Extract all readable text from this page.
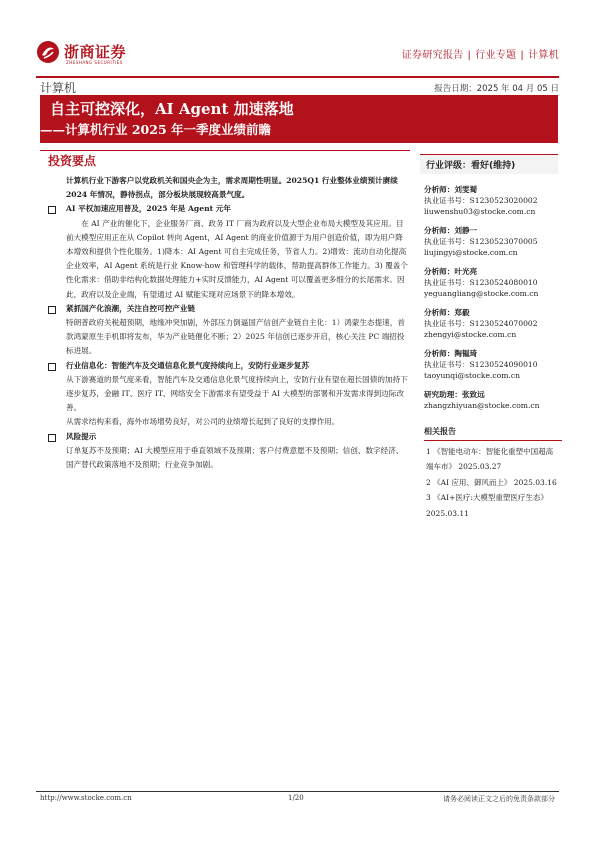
浙商证券
ZHESHANG SECURITIES
证券研究报告 | 行业专题 | 计算机
计算机	报告日期：2025 年 04 月 05 日
自主可控深化，AI Agent 加速落地
——计算机行业 2025 年一季度业绩前瞻
投资要点

计算机行业下游客户以党政机关和国央企为主，需求周期性明显。2025Q1 行业整体业绩预计赓续 2024 年情况，静待拐点，部分板块展现较高景气度。

AI 平权加速应用普及，2025 年是 Agent 元年

在 AI 产业的催化下，企业服务厂商、政务 IT 厂商为政府以及大型企业布局大模型及其应用。目前大模型应用正在从 Copilot 转向 Agent，AI Agent 的商业价值源于为用户创造价值，即为用户降本增效和提供个性化服务。1)降本：AI Agent 可自主完成任务，节省人力。2)增效：流动自动化提高企业效率，AI Agent 系统是行业 Know-how 和管理科学的载体，帮助提高群体工作能力。3) 覆盖个性化需求：借助非结构化数据处理能力+实时反馈能力，AI Agent 可以覆盖更多细分的长尾需求。因此，政府以及企业端，有望通过 AI 赋能实现对应场景下的降本增效。

紧抓国产化浪潮，关注自控可控产业链

特朗普政府关税超预期，地缘冲突加剧，外部压力倒逼国产信创产业链自主化：1）鸿蒙生态提速，首款鸿蒙原生手机即将发布，华为产业链催化不断；2）2025 年信创已逐步开启，核心关注 PC 端招投标进展。

行业信息化：智能汽车及交通信息化景气度持续向上，安防行业逐步复苏

从下游赛道的景气度来看，智能汽车及交通信息化景气度持续向上，安防行业有望在超长国债的加持下逐步复苏，金融 IT、医疗 IT、网络安全下游需求有望受益于 AI 大模型的部署和开发需求得到边际改善。

从需求结构来看，海外市场增势良好，对公司的业绩增长起到了良好的支撑作用。

风险提示

订单复苏不及预期；AI 大模型应用于垂直领域不及预期；客户付费意愿不及预期；信创、数字经济、国产替代政策落地不及预期；行业竞争加剧。

行业评级：看好(维持)
分析师：刘雯蜀
执业证书号：S1230523020002
liuwenshu03@stocke.com.cn
分析师：刘静一
执业证书号：S1230523070005
liujingyi@stocke.com.cn
分析师：叶光亮
执业证书号：S1230524080010
yeguangliang@stocke.com.cn
分析师：郑毅
执业证书号：S1230524070002
zhengyi@stocke.com.cn
分析师：陶韫琦
执业证书号：S1230524090010
taoyunqi@stocke.com.cn
研究助理：张致远
zhangzhiyuan@stocke.com.cn
相关报告
1 《智能电动车：智能化重塑中国超高端车市》 2025.03.27
2 《AI 应用、御风而上》 2025.03.16
3 《AI+医疗:大模型重塑医疗生态》 2025.03.11
http://www.stocke.com.cn	1/20	请务必阅读正文之后的免责条款部分
